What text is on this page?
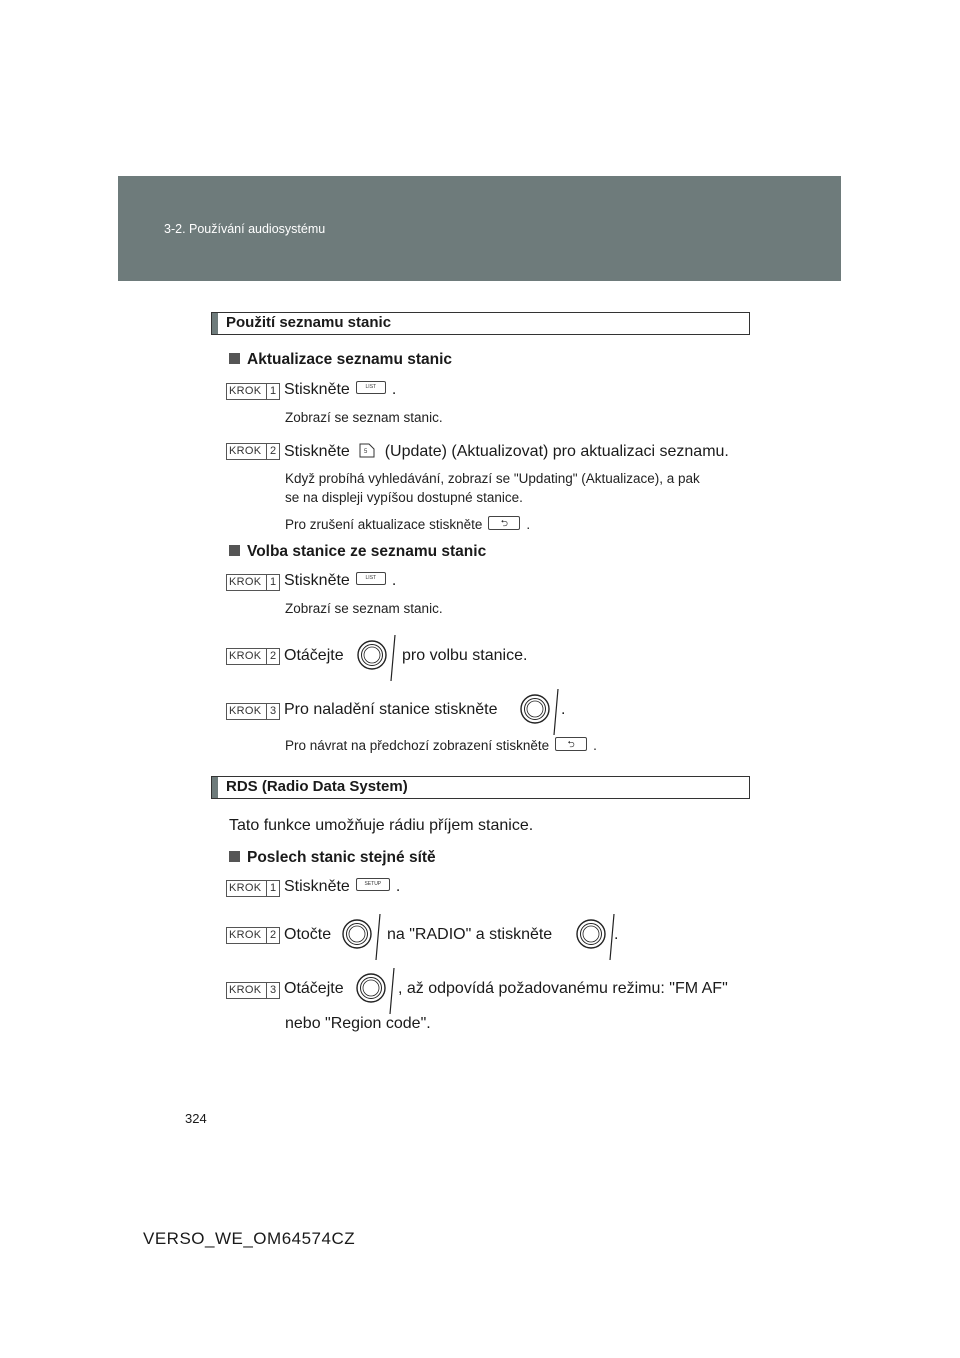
3-2. Používání audiosystému
Použití seznamu stanic
Aktualizace seznamu stanic
KROK 1 Stiskněte	LIST .
Zobrazí se seznam stanic.
KROK 2 Stiskněte 5 (Update) (Aktualizovat) pro aktualizaci seznamu.
Když probíhá vyhledávání, zobrazí se "Updating" (Aktualizace), a pak
se na displeji vypíšou dostupné stanice.
Pro zrušení aktualizace stiskněte ⮌ .
Volba stanice ze seznamu stanic
KROK 1 Stiskněte	LIST .
Zobrazí se seznam stanic.
KROK 2 Otáčejte	pro volbu stanice.
KROK 3 Pro naladění stanice stiskněte	.
Pro návrat na předchozí zobrazení stiskněte ⮌ .
RDS (Radio Data System)
Tato funkce umožňuje rádiu příjem stanice.
Poslech stanic stejné sítě
KROK 1 Stiskněte	SETUP .
KROK 2 Otočte	na "RADIO" a stiskněte	.
KROK 3 Otáčejte	, až odpovídá požadovanému režimu: "FM AF"
nebo "Region code".
324
VERSO_WE_OM64574CZ
